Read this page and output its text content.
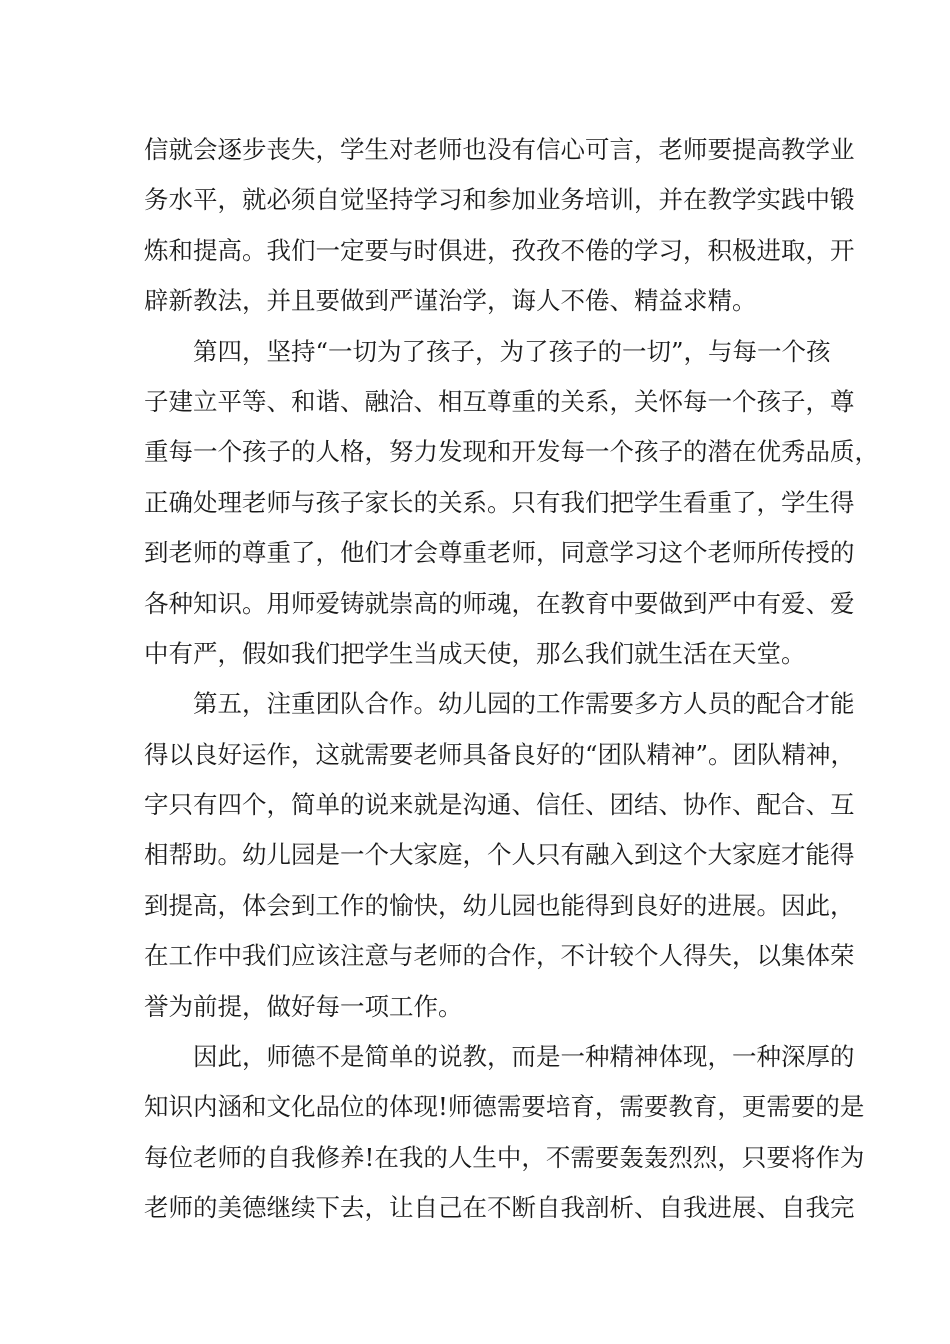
信就会逐步丧失，学生对老师也没有信心可言，老师要提高教学业
务水平，就必须自觉坚持学习和参加业务培训，并在教学实践中锻
炼和提高。我们一定要与时俱进，孜孜不倦的学习，积极进取，开
辟新教法，并且要做到严谨治学，诲人不倦、精益求精。
第四，坚持“一切为了孩子，为了孩子的一切”，与每一个孩
子建立平等、和谐、融洽、相互尊重的关系，关怀每一个孩子，尊
重每一个孩子的人格，努力发现和开发每一个孩子的潜在优秀品质，
正确处理老师与孩子家长的关系。只有我们把学生看重了，学生得
到老师的尊重了，他们才会尊重老师，同意学习这个老师所传授的
各种知识。用师爱铸就崇高的师魂，在教育中要做到严中有爱、爱
中有严，假如我们把学生当成天使，那么我们就生活在天堂。
第五，注重团队合作。幼儿园的工作需要多方人员的配合才能
得以良好运作，这就需要老师具备良好的“团队精神”。团队精神，
字只有四个，简单的说来就是沟通、信任、团结、协作、配合、互
相帮助。幼儿园是一个大家庭，个人只有融入到这个大家庭才能得
到提高，体会到工作的愉快，幼儿园也能得到良好的进展。因此，
在工作中我们应该注意与老师的合作，不计较个人得失，以集体荣
誉为前提，做好每一项工作。
因此，师德不是简单的说教，而是一种精神体现，一种深厚的
知识内涵和文化品位的体现!师德需要培育，需要教育，更需要的是
每位老师的自我修养!在我的人生中，不需要轰轰烈烈，只要将作为
老师的美德继续下去，让自己在不断自我剖析、自我进展、自我完
